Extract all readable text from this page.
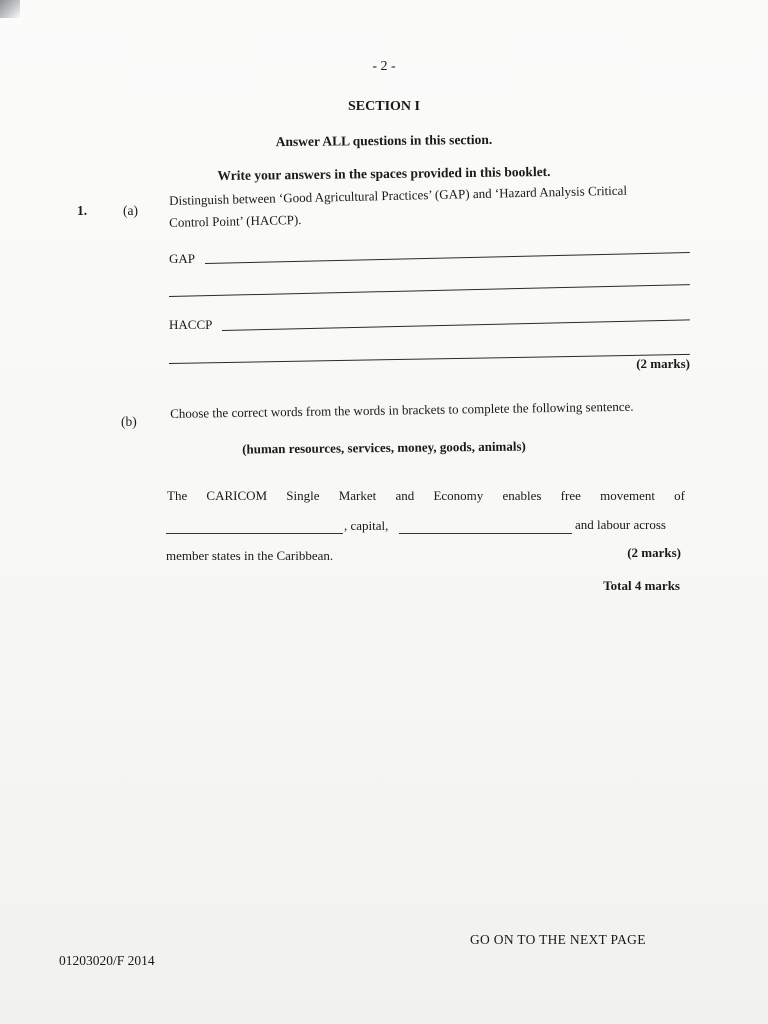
- 2 -
SECTION I
Answer ALL questions in this section.
Write your answers in the spaces provided in this booklet.
1.	(a)
Distinguish between ‘Good Agricultural Practices’ (GAP) and ‘Hazard Analysis Critical
Control Point’ (HACCP).
GAP
HACCP
(2 marks)
(b)
Choose the correct words from the words in brackets to complete the following sentence.
(human resources, services, money, goods, animals)
The CARICOM Single Market and Economy enables free movement of
, capital,	and labour across
member states in the Caribbean.	(2 marks)
Total 4 marks
GO ON TO THE NEXT PAGE
01203020/F 2014
